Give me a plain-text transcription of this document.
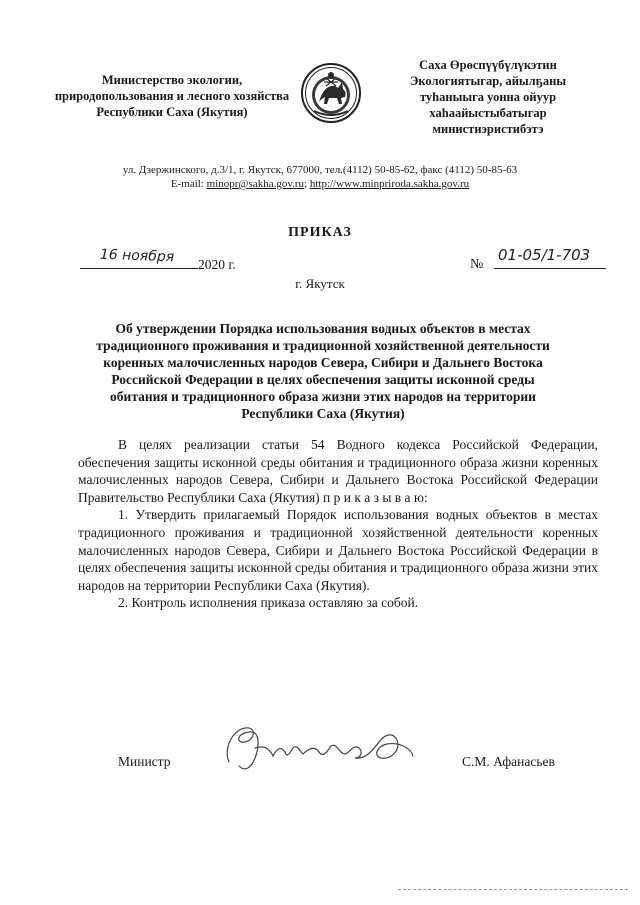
Министерство экологии, природопользования и лесного хозяйства Республики Саха (Якутия)
Саха Өрөспүүбүлүкэтин Экологиятыгар, айылҕаны туһаныыга уонна ойуур хаһаайыстыбатыгар министиэристибэтэ
ул. Дзержинского, д.3/1, г. Якутск, 677000, тел.(4112) 50-85-62, факс (4112) 50-85-63
E-mail: minopr@sakha.gov.ru; http://www.minpriroda.sakha.gov.ru
ПРИКАЗ
16 ноября	2020 г.	№
01-05/1-703
г. Якутск
Об утверждении Порядка использования водных объектов в местах традиционного проживания и традиционной хозяйственной деятельности коренных малочисленных народов Севера, Сибири и Дальнего Востока Российской Федерации в целях обеспечения защиты исконной среды обитания и традиционного образа жизни этих народов на территории Республики Саха (Якутия)

В целях реализации статьи 54 Водного кодекса Российской Федерации, обеспечения защиты исконной среды обитания и традиционного образа жизни коренных малочисленных народов Севера, Сибири и Дальнего Востока Российской Федерации Правительство Республики Саха (Якутия) п р и к а з ы в а ю:

1. Утвердить прилагаемый Порядок использования водных объектов в местах традиционного проживания и традиционной хозяйственной деятельности коренных малочисленных народов Севера, Сибири и Дальнего Востока Российской Федерации в целях обеспечения защиты исконной среды обитания и традиционного образа жизни этих народов на территории Республики Саха (Якутия).

2. Контроль исполнения приказа оставляю за собой.

Министр	С.М. Афанасьев
